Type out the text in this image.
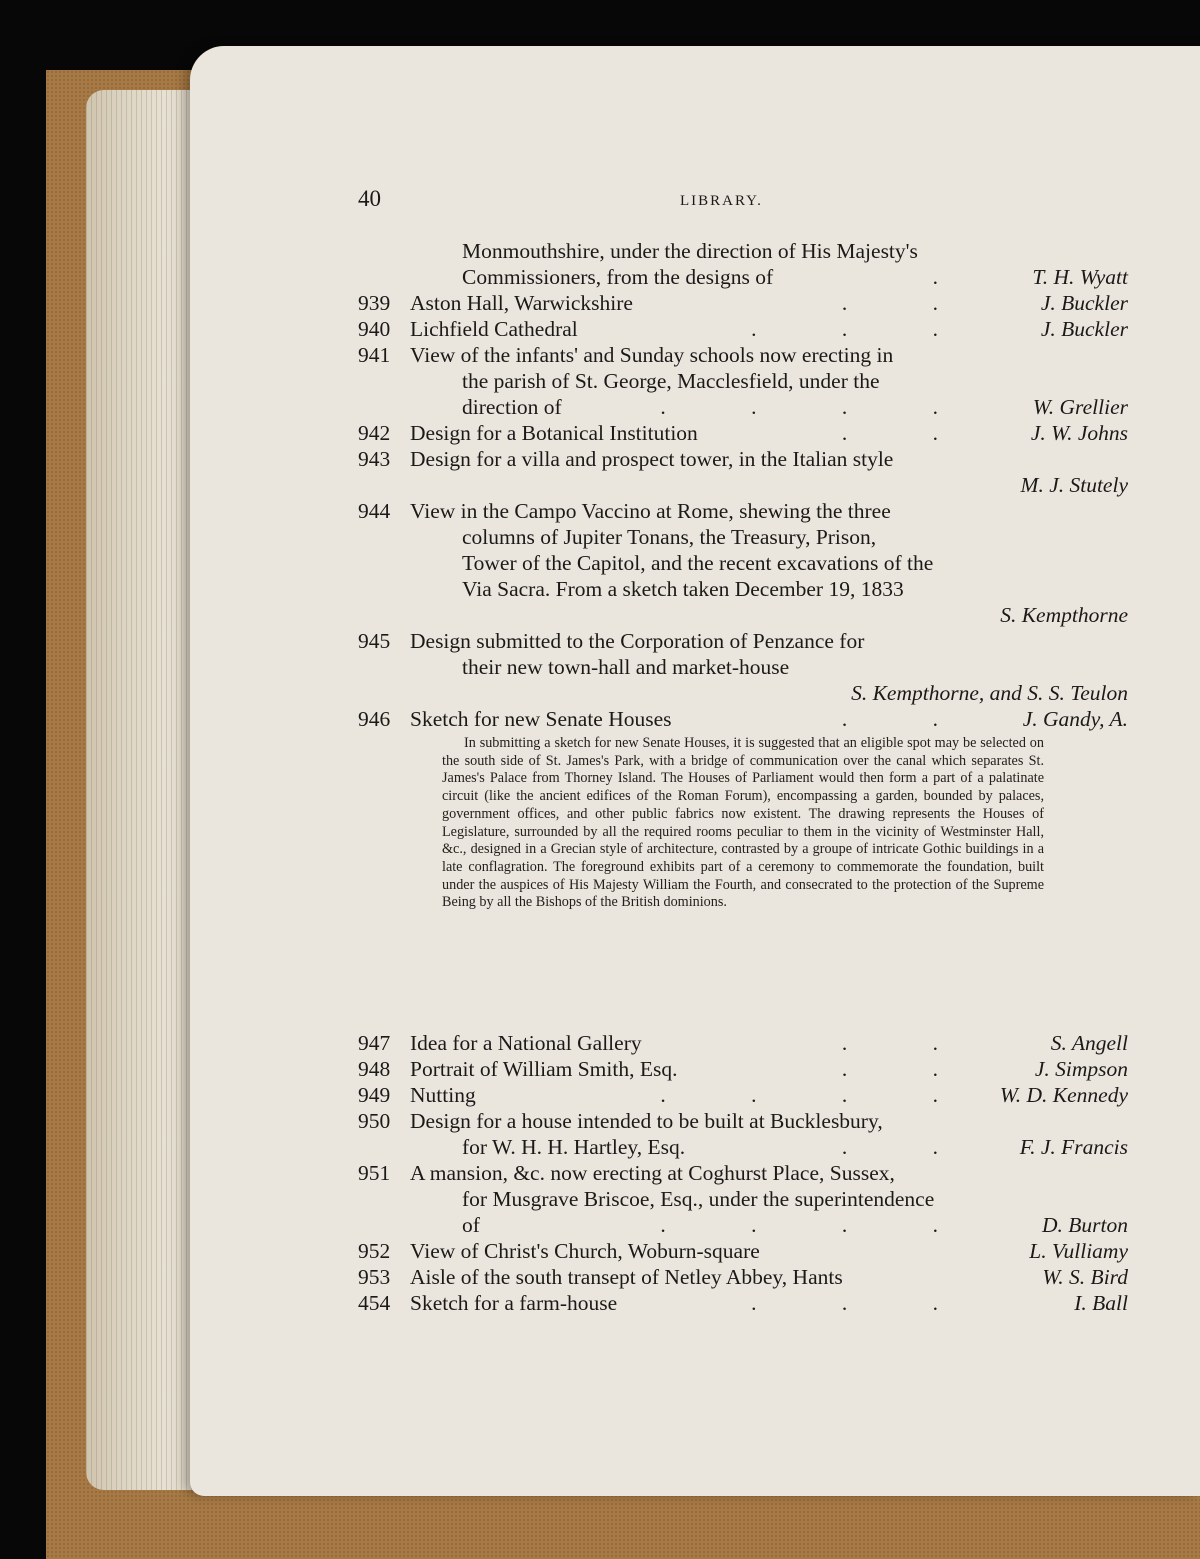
40	LIBRARY.
Monmouthshire, under the direction of His Majesty's
Commissioners, from the designs of	.	T. H. Wyatt
939 Aston Hall, Warwickshire	. .	J. Buckler
940 Lichfield Cathedral	. . .	J. Buckler
941 View of the infants' and Sunday schools now erecting in
the parish of St. George, Macclesfield, under the
direction of	. . . .	W. Grellier
942 Design for a Botanical Institution	. . J. W. Johns
943 Design for a villa and prospect tower, in the Italian style
M. J. Stutely
944 View in the Campo Vaccino at Rome, shewing the three
columns of Jupiter Tonans, the Treasury, Prison,
Tower of the Capitol, and the recent excavations of the
Via Sacra. From a sketch taken December 19, 1833
S. Kempthorne
945 Design submitted to the Corporation of Penzance for
their new town-hall and market-house
S. Kempthorne, and S. S. Teulon
946 Sketch for new Senate Houses	. . J. Gandy, A.
In submitting a sketch for new Senate Houses, it is suggested that an eligible spot may be selected on the south side of St. James's Park, with a bridge of communication over the canal which separates St. James's Palace from Thorney Island. The Houses of Parliament would then form a part of a palatinate circuit (like the ancient edifices of the Roman Forum), encompassing a garden, bounded by palaces, government offices, and other public fabrics now existent. The drawing represents the Houses of Legislature, surrounded by all the required rooms peculiar to them in the vicinity of Westminster Hall, &c., designed in a Grecian style of architecture, contrasted by a groupe of intricate Gothic buildings in a late conflagration. The foreground exhibits part of a ceremony to commemorate the foundation, built under the auspices of His Majesty William the Fourth, and consecrated to the protection of the Supreme Being by all the Bishops of the British dominions.
947 Idea for a National Gallery	. .	S. Angell
948 Portrait of William Smith, Esq.	. .	J. Simpson
949 Nutting	. . . . W. D. Kennedy
950 Design for a house intended to be built at Bucklesbury,
for W. H. H. Hartley, Esq.	. . F. J. Francis
951 A mansion, &c. now erecting at Coghurst Place, Sussex,
for Musgrave Briscoe, Esq., under the superintendence
of	. . . .	D. Burton
952 View of Christ's Church, Woburn-square	L. Vulliamy
953 Aisle of the south transept of Netley Abbey, Hants	W. S. Bird
454 Sketch for a farm-house	. . .	I. Ball
